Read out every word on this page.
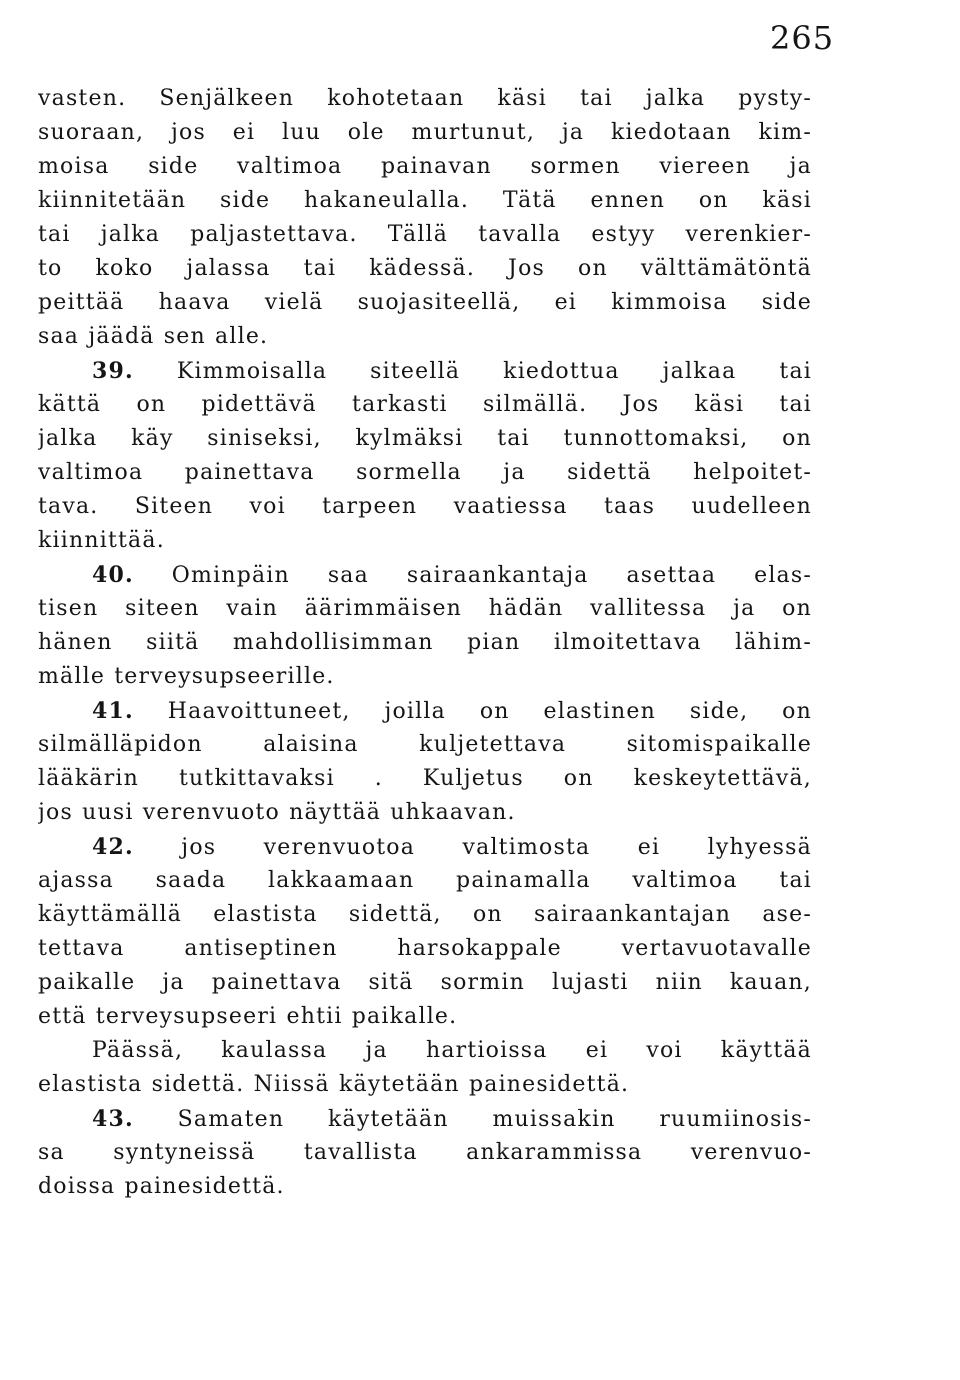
265
vasten. Senjälkeen kohotetaan käsi tai jalka pysty-
suoraan, jos ei luu ole murtunut, ja kiedotaan kim-
moisa side valtimoa painavan sormen viereen ja
kiinnitetään side hakaneulalla. Tätä ennen on käsi
tai jalka paljastettava. Tällä tavalla estyy verenkier-
to koko jalassa tai kädessä. Jos on välttämätöntä
peittää haava vielä suojasiteellä, ei kimmoisa side
saa jäädä sen alle.
39. Kimmoisalla siteellä kiedottua jalkaa tai
kättä on pidettävä tarkasti silmällä. Jos käsi tai
jalka käy siniseksi, kylmäksi tai tunnottomaksi, on
valtimoa painettava sormella ja sidettä helpoitet-
tava. Siteen voi tarpeen vaatiessa taas uudelleen
kiinnittää.
40. Ominpäin saa sairaankantaja asettaa elas-
tisen siteen vain äärimmäisen hädän vallitessa ja on
hänen siitä mahdollisimman pian ilmoitettava lähim-
mälle terveysupseerille.
41. Haavoittuneet, joilla on elastinen side, on
silmälläpidon alaisina kuljetettava sitomispaikalle
lääkärin tutkittavaksi . Kuljetus on keskeytettävä,
jos uusi verenvuoto näyttää uhkaavan.
42. jos verenvuotoa valtimosta ei lyhyessä
ajassa saada lakkaamaan painamalla valtimoa tai
käyttämällä elastista sidettä, on sairaankantajan ase-
tettava antiseptinen harsokappale vertavuotavalle
paikalle ja painettava sitä sormin lujasti niin kauan,
että terveysupseeri ehtii paikalle.
Päässä, kaulassa ja hartioissa ei voi käyttää
elastista sidettä. Niissä käytetään painesidettä.
43. Samaten käytetään muissakin ruumiinosis-
sa syntyneissä tavallista ankarammissa verenvuo-
doissa painesidettä.
